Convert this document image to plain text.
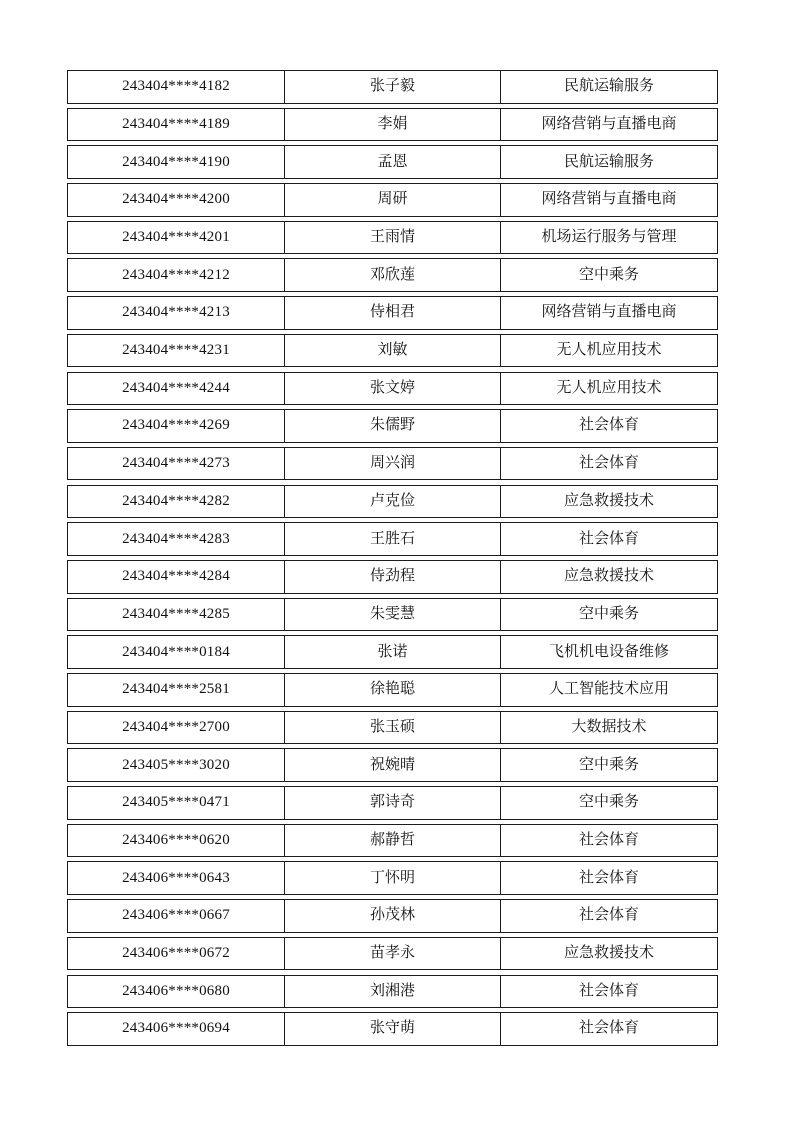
243404****4182	张子毅	民航运输服务
243404****4189	李娟	网络营销与直播电商
243404****4190	孟恩	民航运输服务
243404****4200	周研	网络营销与直播电商
243404****4201	王雨情	机场运行服务与管理
243404****4212	邓欣莲	空中乘务
243404****4213	侍相君	网络营销与直播电商
243404****4231	刘敏	无人机应用技术
243404****4244	张文婷	无人机应用技术
243404****4269	朱儒野	社会体育
243404****4273	周兴润	社会体育
243404****4282	卢克俭	应急救援技术
243404****4283	王胜石	社会体育
243404****4284	侍劲程	应急救援技术
243404****4285	朱雯慧	空中乘务
243404****0184	张诺	飞机机电设备维修
243404****2581	徐艳聪	人工智能技术应用
243404****2700	张玉硕	大数据技术
243405****3020	祝婉晴	空中乘务
243405****0471	郭诗奇	空中乘务
243406****0620	郝静哲	社会体育
243406****0643	丁怀明	社会体育
243406****0667	孙茂林	社会体育
243406****0672	苗孝永	应急救援技术
243406****0680	刘湘港	社会体育
243406****0694	张守萌	社会体育
